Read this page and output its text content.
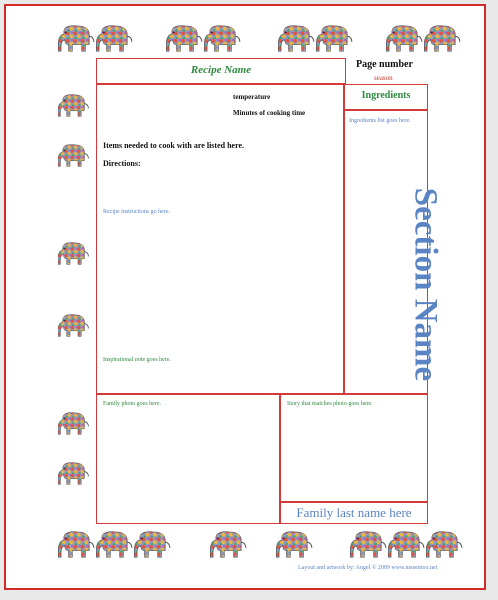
Recipe Name	Page number
season
temperature
Minutes of cooking time
Items needed to cook with are listed here.
Directions:
Recipe instructions go here.
Inspirational note goes here.
Ingredients
Ingredients list goes here.
Section Name
Family photo goes here.	Story that matches photo goes here.
Family last name here
Layout and artwork by: Angel © 2009 www.mseemoo.net
